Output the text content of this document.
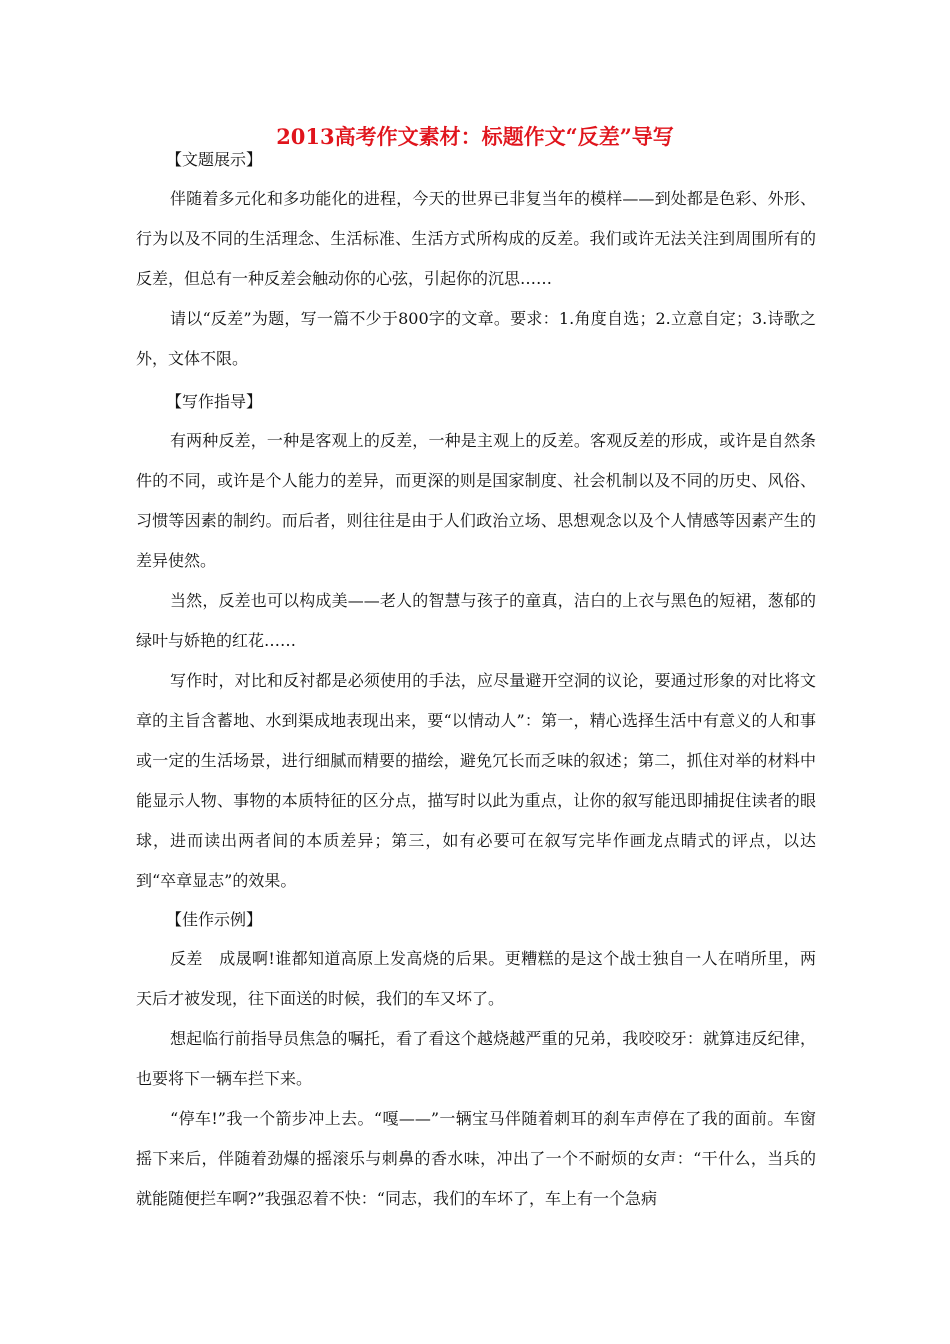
2013高考作文素材：标题作文“反差”导写

【文题展示】

伴随着多元化和多功能化的进程，今天的世界已非复当年的模样——到处都是色彩、外形、行为以及不同的生活理念、生活标准、生活方式所构成的反差。我们或许无法关注到周围所有的反差，但总有一种反差会触动你的心弦，引起你的沉思……

请以“反差”为题，写一篇不少于800字的文章。要求：1.角度自选；2.立意自定；3.诗歌之外，文体不限。

【写作指导】

有两种反差，一种是客观上的反差，一种是主观上的反差。客观反差的形成，或许是自然条件的不同，或许是个人能力的差异，而更深的则是国家制度、社会机制以及不同的历史、风俗、习惯等因素的制约。而后者，则往往是由于人们政治立场、思想观念以及个人情感等因素产生的差异使然。

当然，反差也可以构成美——老人的智慧与孩子的童真，洁白的上衣与黑色的短裙，葱郁的绿叶与娇艳的红花……

写作时，对比和反衬都是必须使用的手法，应尽量避开空洞的议论，要通过形象的对比将文章的主旨含蓄地、水到渠成地表现出来，要“以情动人”：第一，精心选择生活中有意义的人和事或一定的生活场景，进行细腻而精要的描绘，避免冗长而乏味的叙述；第二，抓住对举的材料中能显示人物、事物的本质特征的区分点，描写时以此为重点，让你的叙写能迅即捕捉住读者的眼球，进而读出两者间的本质差异；第三，如有必要可在叙写完毕作画龙点睛式的评点，以达到“卒章显志”的效果。

【佳作示例】

反差　成晟啊!谁都知道高原上发高烧的后果。更糟糕的是这个战士独自一人在哨所里，两天后才被发现，往下面送的时候，我们的车又坏了。

想起临行前指导员焦急的嘱托，看了看这个越烧越严重的兄弟，我咬咬牙：就算违反纪律，也要将下一辆车拦下来。

“停车!”我一个箭步冲上去。“嘎——”一辆宝马伴随着刺耳的刹车声停在了我的面前。车窗摇下来后，伴随着劲爆的摇滚乐与刺鼻的香水味，冲出了一个不耐烦的女声：“干什么，当兵的就能随便拦车啊?”我强忍着不快：“同志，我们的车坏了，车上有一个急病
